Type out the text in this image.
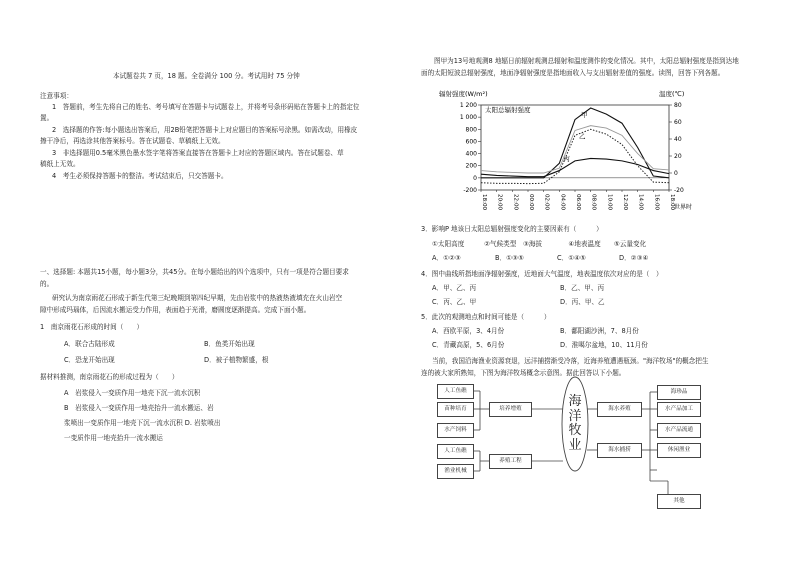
本试题卷共 7 页，18 题。全卷满分 100 分。考试用时 75 分钟
注意事项：
1　答题前，考生先将自己的姓名、考号填写在答题卡与试题卷上，并将考号条形码贴在答题卡上的指定位
置。
2　选择题的作答:每小题选出答案后，用2B铅笔把答题卡上对应题目的答案标号涂黑。如需改动，用橡皮
擦干净后，再选涂其他答案标号。答在试题卷、草稿纸上无效。
3　非选择题用0.5毫米黑色墨水签字笔将答案直接答在答题卡上对应的答题区域内。答在试题卷、草
稿纸上无效。
4　考生必须保持答题卡的整洁。考试结束后，只交答题卡。
一、选择题: 本题共15小题，每小题3分，共45分。在每小题给出的四个选项中，只有一项是符合题目要求
的。
研究认为南京雨花石形成于新生代第三纪晚期到第四纪早期，先由岩浆中的热液热液填充在火山岩空
隙中形成玛瑙体，后因流水搬运受力作用，表面趋于光滑，磨圆度逐渐提高。完成下面小题。
1　南京雨花石形成的时间（　　）
A．联合古陆形成	B．鱼类开始出现
C．恐龙开始出现	D．被子植物繁盛，根
据材料推测，南京雨花石的形成过程为（　　）
A　岩浆侵入一变质作用一地壳下沉一流水沉积
B　岩浆侵入一变质作用一地壳抬升一流水搬运、岩
浆喷出一变质作用一地壳下沉一流水沉积 D. 岩浆喷出
一变质作用一地壳抬升一流水搬运
图甲为13号地观测8 地辐日前辐射观测总辐射和温度测作的变化情况。其中，太阳总辐射强度是指到达地
面的太阳短波总辐射强度，地面净辐射强度是指地面收入与支出辐射差值的强度。读图，回答下列各题。
辐射强度(W/m²)	温度(℃)
甲
乙
丙
太阳总辐射强度
1 200
1 000
800
600
400
200
0
-200
80
60
40
20
0
-20
18:00 20:00 22:00 00:00 02:00 04:00 06:00 08:00 10:00 12:00 14:00 16:00 18:00 世界时
3．影响P 地该日太阳总辐射强度变化的主要因素有（　　　）
①太阳高度　　　②气候类型　③海拔　　　　④地表温度　　⑤云量变化
A．①②③	B．①③⑤	C．①④⑤	D．②③④
4．图中曲线所指地面净辐射强度，近地面大气温度，地表温度依次对应的是（　）
A．甲、乙、丙	B．乙、甲、丙
C．丙、乙、甲	D．丙、甲、乙
5．此次的观测地点和时间可能是（　　　）
A．西欧平原，3、4月份	B．鄱阳湖沙洲，7、8月份
C．青藏高原，5、6月份	D．淮噶尔盆地，10、11月份
当前，我国沿海渔业资源衰退，远洋捕捞渐受冷落，近海养殖遭遇瓶颈。"海洋牧场"的概念把生
连的被大家所熟知，下图为海洋牧场概念示意图。据此回答以下小题。
人工鱼礁
苗种培育
水产饲料
人工鱼礁
渔业机械
培养增殖
养殖工程
海洋牧业
海水养殖
海水捕捞
海珍品
水产品加工
水产品流通
休闲渔业
其他
